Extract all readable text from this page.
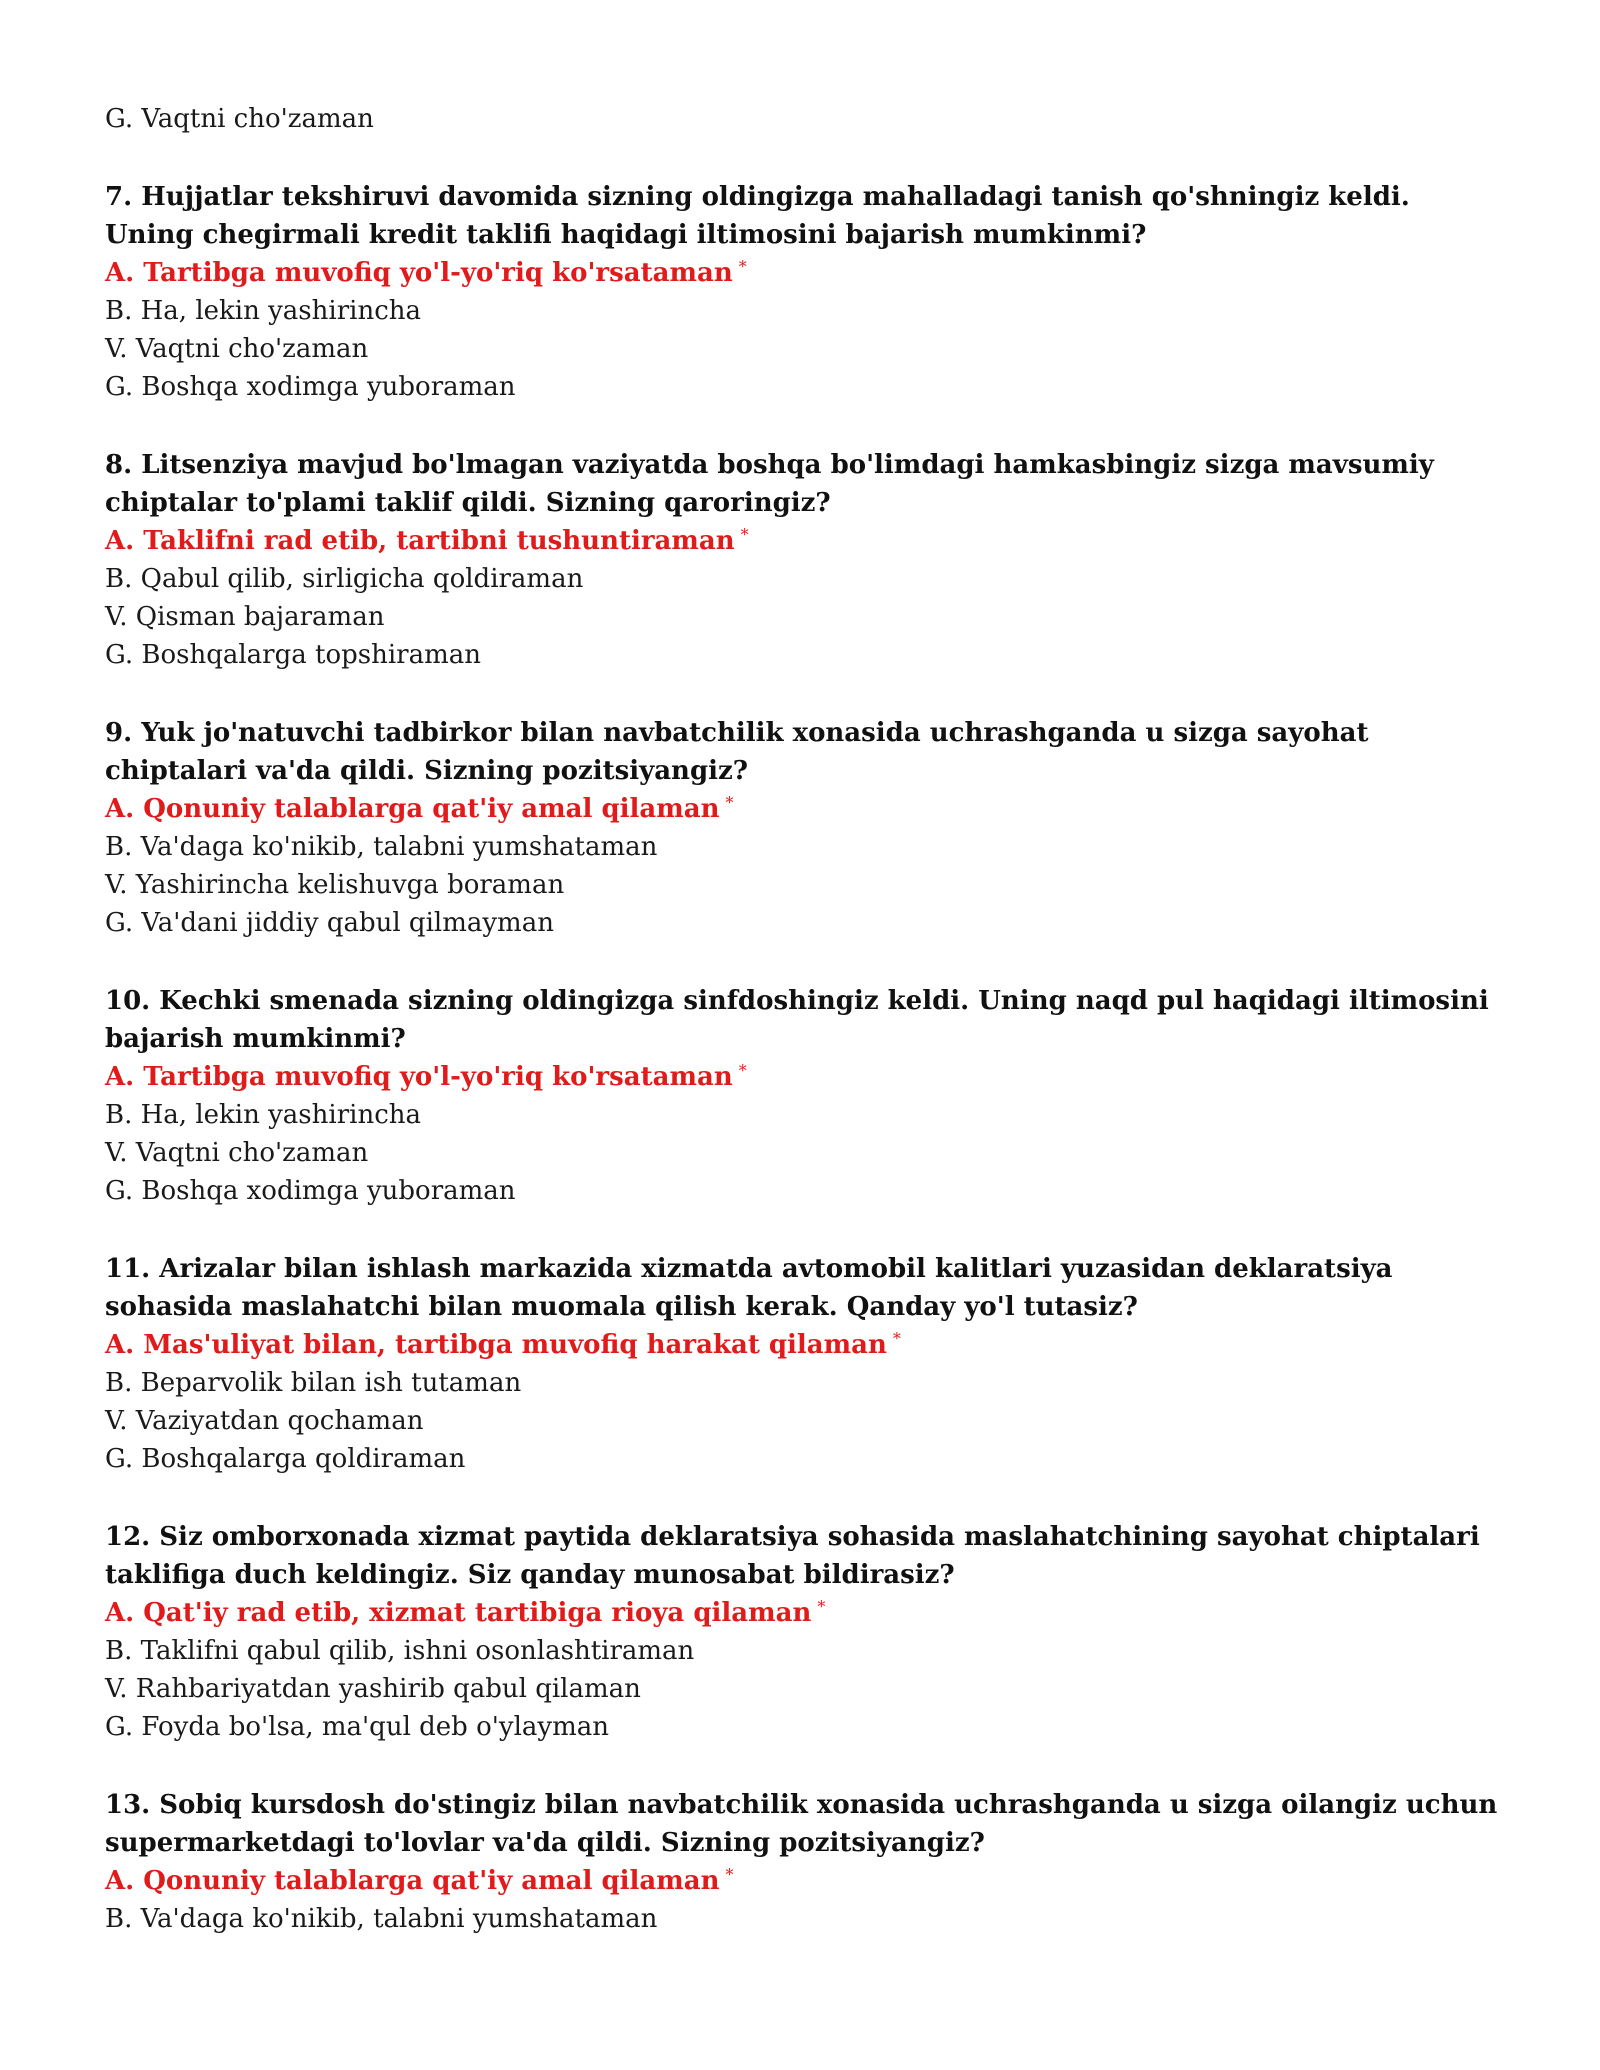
G. Vaqtni cho'zaman

7. Hujjatlar tekshiruvi davomida sizning oldingizga mahalladagi tanish qo'shningiz keldi. Uning chegirmali kredit taklifi haqidagi iltimosini bajarish mumkinmi?

A. Tartibga muvofiq yo'l-yo'riq ko'rsataman *

B. Ha, lekin yashirincha

V. Vaqtni cho'zaman

G. Boshqa xodimga yuboraman

8. Litsenziya mavjud bo'lmagan vaziyatda boshqa bo'limdagi hamkasbingiz sizga mavsumiy chiptalar to'plami taklif qildi. Sizning qaroringiz?

A. Taklifni rad etib, tartibni tushuntiraman *

B. Qabul qilib, sirligicha qoldiraman

V. Qisman bajaraman

G. Boshqalarga topshiraman

9. Yuk jo'natuvchi tadbirkor bilan navbatchilik xonasida uchrashganda u sizga sayohat chiptalari va'da qildi. Sizning pozitsiyangiz?

A. Qonuniy talablarga qat'iy amal qilaman *

B. Va'daga ko'nikib, talabni yumshataman

V. Yashirincha kelishuvga boraman

G. Va'dani jiddiy qabul qilmayman

10. Kechki smenada sizning oldingizga sinfdoshingiz keldi. Uning naqd pul haqidagi iltimosini bajarish mumkinmi?

A. Tartibga muvofiq yo'l-yo'riq ko'rsataman *

B. Ha, lekin yashirincha

V. Vaqtni cho'zaman

G. Boshqa xodimga yuboraman

11. Arizalar bilan ishlash markazida xizmatda avtomobil kalitlari yuzasidan deklaratsiya sohasida maslahatchi bilan muomala qilish kerak. Qanday yo'l tutasiz?

A. Mas'uliyat bilan, tartibga muvofiq harakat qilaman *

B. Beparvolik bilan ish tutaman

V. Vaziyatdan qochaman

G. Boshqalarga qoldiraman

12. Siz omborxonada xizmat paytida deklaratsiya sohasida maslahatchining sayohat chiptalari taklifiga duch keldingiz. Siz qanday munosabat bildirasiz?

A. Qat'iy rad etib, xizmat tartibiga rioya qilaman *

B. Taklifni qabul qilib, ishni osonlashtiraman

V. Rahbariyatdan yashirib qabul qilaman

G. Foyda bo'lsa, ma'qul deb o'ylayman

13. Sobiq kursdosh do'stingiz bilan navbatchilik xonasida uchrashganda u sizga oilangiz uchun supermarketdagi to'lovlar va'da qildi. Sizning pozitsiyangiz?

A. Qonuniy talablarga qat'iy amal qilaman *

B. Va'daga ko'nikib, talabni yumshataman
